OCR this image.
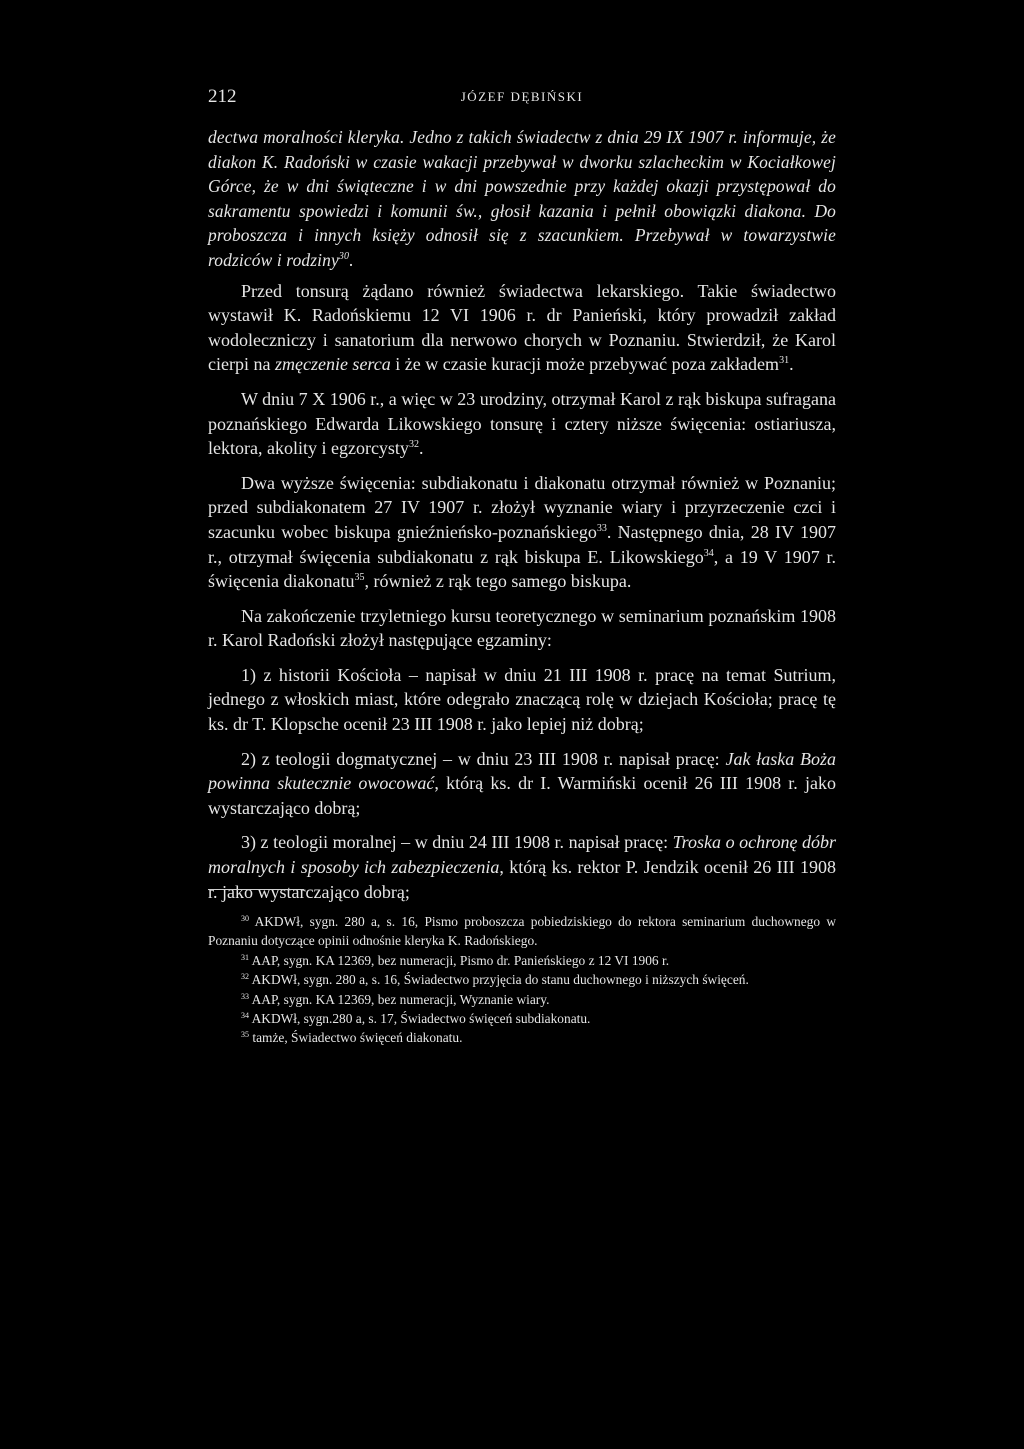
212	JÓZEF DĘBIŃSKI

dectwa moralności kleryka. Jedno z takich świadectw z dnia 29 IX 1907 r. informuje, że diakon K. Radoński w czasie wakacji przebywał w dworku szlacheckim w Kociałkowej Górce, że w dni świąteczne i w dni powszednie przy każdej okazji przystępował do sakramentu spowiedzi i komunii św., głosił kazania i pełnił obowiązki diakona. Do proboszcza i innych księży odnosił się z szacunkiem. Przebywał w towarzystwie rodziców i rodziny$^{30}$.

Przed tonsurą żądano również świadectwa lekarskiego. Takie świadectwo wystawił K. Radońskiemu 12 VI 1906 r. dr Panieński, który prowadził zakład wodoleczniczy i sanatorium dla nerwowo chorych w Poznaniu. Stwierdził, że Karol cierpi na zmęczenie serca i że w czasie kuracji może przebywać poza zakładem$^{31}$.

W dniu 7 X 1906 r., a więc w 23 urodziny, otrzymał Karol z rąk biskupa sufragana poznańskiego Edwarda Likowskiego tonsurę i cztery niższe święcenia: ostiariusza, lektora, akolity i egzorcysty$^{32}$.

Dwa wyższe święcenia: subdiakonatu i diakonatu otrzymał również w Poznaniu; przed subdiakonatem 27 IV 1907 r. złożył wyznanie wiary i przyrzeczenie czci i szacunku wobec biskupa gnieźnieńsko-poznańskiego$^{33}$. Następnego dnia, 28 IV 1907 r., otrzymał święcenia subdiakonatu z rąk biskupa E. Likowskiego$^{34}$, a 19 V 1907 r. święcenia diakonatu$^{35}$, również z rąk tego samego biskupa.

Na zakończenie trzyletniego kursu teoretycznego w seminarium poznańskim 1908 r. Karol Radoński złożył następujące egzaminy:

1) z historii Kościoła – napisał w dniu 21 III 1908 r. pracę na temat Sutrium, jednego z włoskich miast, które odegrało znaczącą rolę w dziejach Kościoła; pracę tę ks. dr T. Klopsche ocenił 23 III 1908 r. jako lepiej niż dobrą;

2) z teologii dogmatycznej – w dniu 23 III 1908 r. napisał pracę: Jak łaska Boża powinna skutecznie owocować, którą ks. dr I. Warmiński ocenił 26 III 1908 r. jako wystarczająco dobrą;

3) z teologii moralnej – w dniu 24 III 1908 r. napisał pracę: Troska o ochronę dóbr moralnych i sposoby ich zabezpieczenia, którą ks. rektor P. Jendzik ocenił 26 III 1908 r. jako wystarczająco dobrą;

$^{30}$ AKDWł, sygn. 280 a, s. 16, Pismo proboszcza pobiedziskiego do rektora seminarium duchownego w Poznaniu dotyczące opinii odnośnie kleryka K. Radońskiego.

$^{31}$ AAP, sygn. KA 12369, bez numeracji, Pismo dr. Panieńskiego z 12 VI 1906 r.

$^{32}$ AKDWł, sygn. 280 a, s. 16, Świadectwo przyjęcia do stanu duchownego i niższych święceń.

$^{33}$ AAP, sygn. KA 12369, bez numeracji, Wyznanie wiary.

$^{34}$ AKDWł, sygn.280 a, s. 17, Świadectwo święceń subdiakonatu.

$^{35}$ tamże, Świadectwo święceń diakonatu.
